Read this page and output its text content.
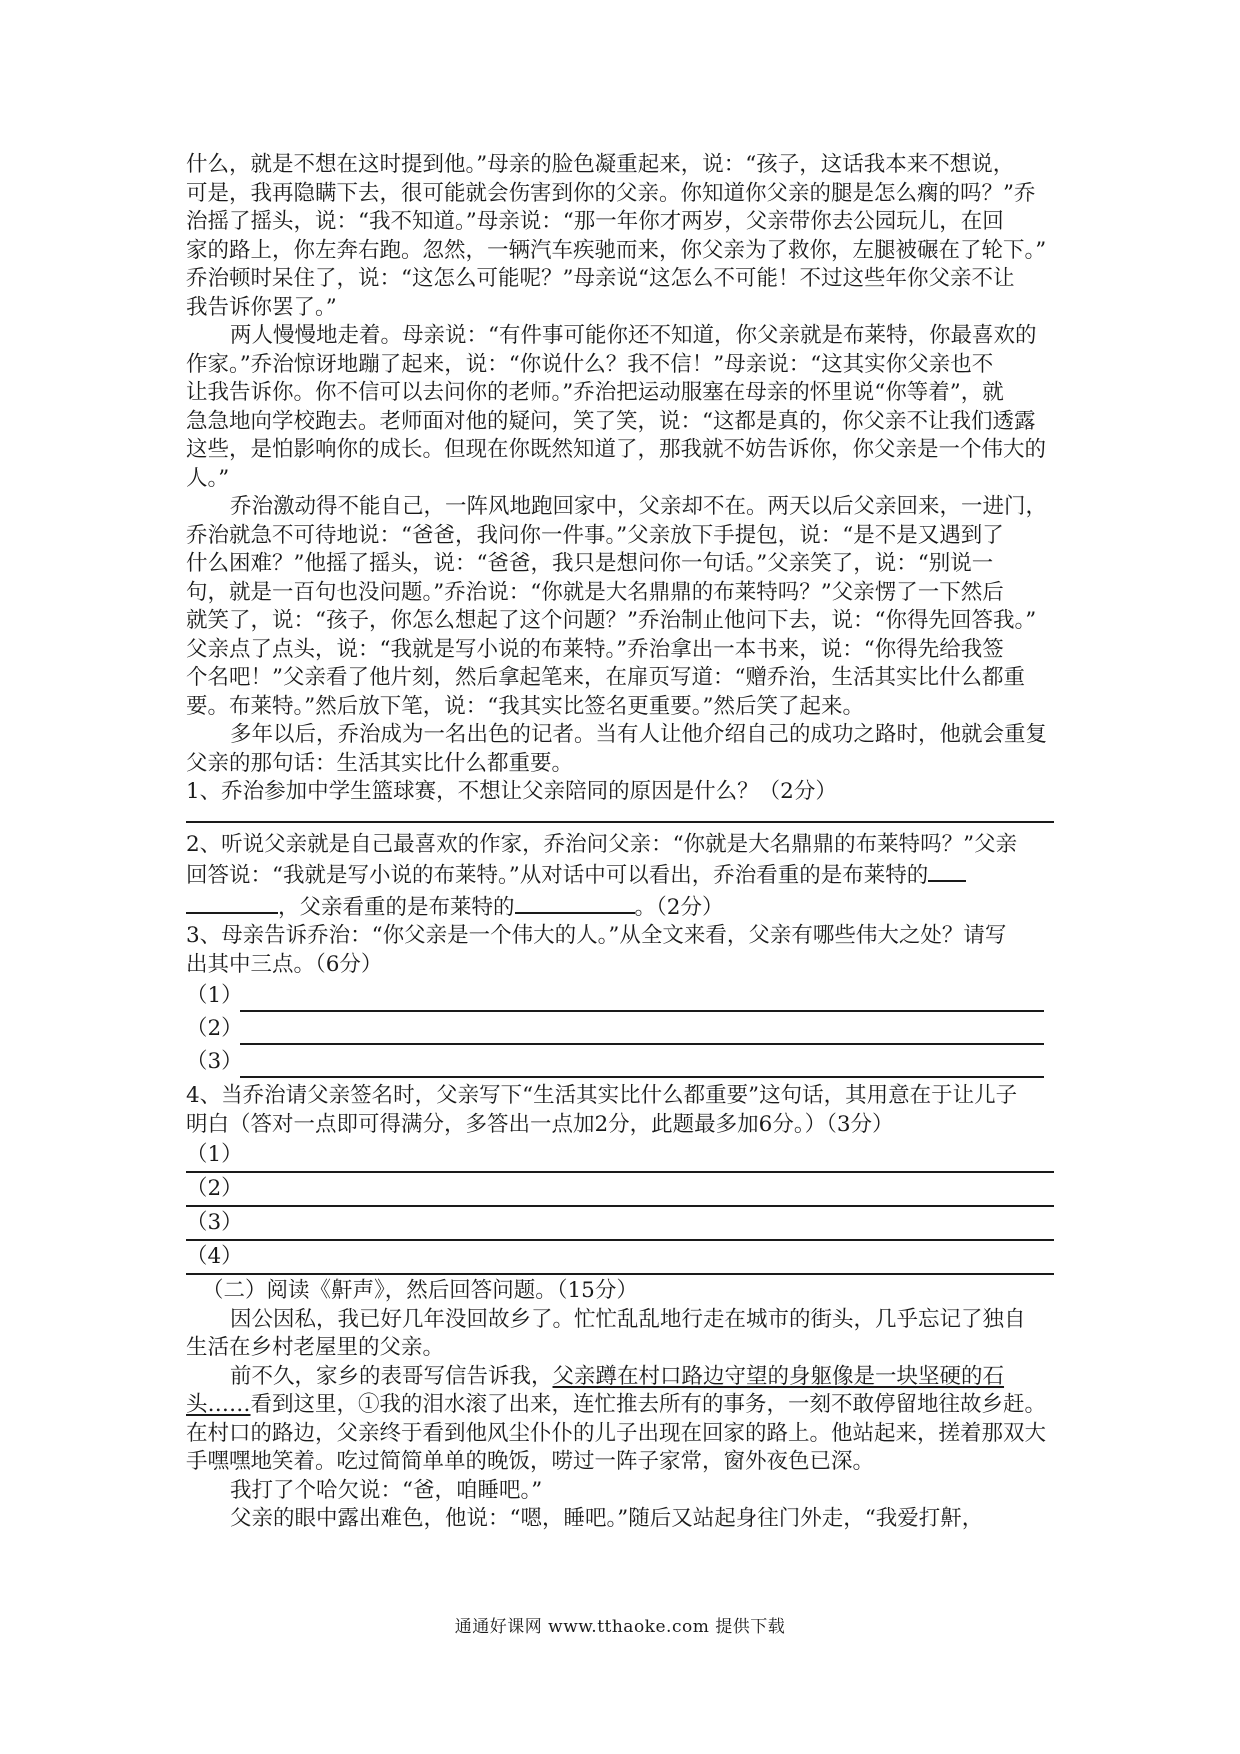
什么，就是不想在这时提到他。”母亲的脸色凝重起来，说：“孩子，这话我本来不想说，
可是，我再隐瞒下去，很可能就会伤害到你的父亲。你知道你父亲的腿是怎么瘸的吗？”乔
治摇了摇头，说：“我不知道。”母亲说：“那一年你才两岁，父亲带你去公园玩儿，在回
家的路上，你左奔右跑。忽然，一辆汽车疾驰而来，你父亲为了救你，左腿被碾在了轮下。”
乔治顿时呆住了，说：“这怎么可能呢？”母亲说“这怎么不可能！不过这些年你父亲不让
我告诉你罢了。”
两人慢慢地走着。母亲说：“有件事可能你还不知道，你父亲就是布莱特，你最喜欢的
作家。”乔治惊讶地蹦了起来，说：“你说什么？我不信！”母亲说：“这其实你父亲也不
让我告诉你。你不信可以去问你的老师。”乔治把运动服塞在母亲的怀里说“你等着”，就
急急地向学校跑去。老师面对他的疑问，笑了笑，说：“这都是真的，你父亲不让我们透露
这些，是怕影响你的成长。但现在你既然知道了，那我就不妨告诉你，你父亲是一个伟大的
人。”
乔治激动得不能自己，一阵风地跑回家中，父亲却不在。两天以后父亲回来，一进门，
乔治就急不可待地说：“爸爸，我问你一件事。”父亲放下手提包，说：“是不是又遇到了
什么困难？”他摇了摇头，说：“爸爸，我只是想问你一句话。”父亲笑了，说：“别说一
句，就是一百句也没问题。”乔治说：“你就是大名鼎鼎的布莱特吗？”父亲愣了一下然后
就笑了，说：“孩子，你怎么想起了这个问题？”乔治制止他问下去，说：“你得先回答我。”
父亲点了点头，说：“我就是写小说的布莱特。”乔治拿出一本书来，说：“你得先给我签
个名吧！”父亲看了他片刻，然后拿起笔来，在扉页写道：“赠乔治，生活其实比什么都重
要。布莱特。”然后放下笔，说：“我其实比签名更重要。”然后笑了起来。
多年以后，乔治成为一名出色的记者。当有人让他介绍自己的成功之路时，他就会重复
父亲的那句话：生活其实比什么都重要。
1、乔治参加中学生篮球赛，不想让父亲陪同的原因是什么？（2分）
2、听说父亲就是自己最喜欢的作家，乔治问父亲：“你就是大名鼎鼎的布莱特吗？”父亲
回答说：“我就是写小说的布莱特。”从对话中可以看出，乔治看重的是布莱特的
，父亲看重的是布莱特的	。（2分）
3、母亲告诉乔治：“你父亲是一个伟大的人。”从全文来看，父亲有哪些伟大之处？请写
出其中三点。（6分）
（1）
（2）
（3）
4、当乔治请父亲签名时，父亲写下“生活其实比什么都重要”这句话，其用意在于让儿子
明白（答对一点即可得满分，多答出一点加2分，此题最多加6分。）（3分）
（1）
（2）
（3）
（4）
（二）阅读《鼾声》，然后回答问题。（15分）
因公因私，我已好几年没回故乡了。忙忙乱乱地行走在城市的街头，几乎忘记了独自
生活在乡村老屋里的父亲。
前不久，家乡的表哥写信告诉我，父亲蹲在村口路边守望的身躯像是一块坚硬的石
头……看到这里，①我的泪水滚了出来，连忙推去所有的事务，一刻不敢停留地往故乡赶。
在村口的路边，父亲终于看到他风尘仆仆的儿子出现在回家的路上。他站起来，搓着那双大
手嘿嘿地笑着。吃过简简单单的晚饭，唠过一阵子家常，窗外夜色已深。
我打了个哈欠说：“爸，咱睡吧。”
父亲的眼中露出难色，他说：“嗯，睡吧。”随后又站起身往门外走，“我爱打鼾，
通通好课网 www.tthaoke.com 提供下载
